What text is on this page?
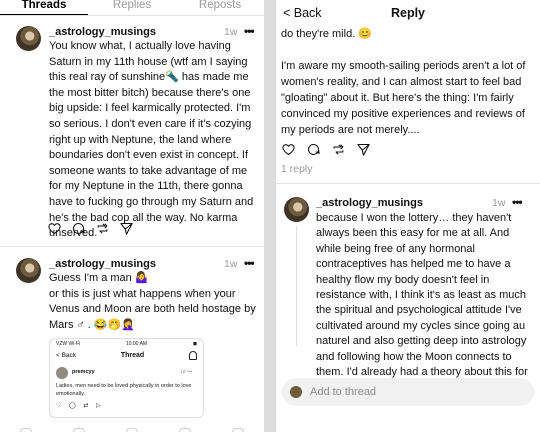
Threads	Replies	Reposts
_astrology_musings	1w •••
You know what, I actually love having Saturn in my 11th house (wtf am I saying this real ray of sunshine🔦 has made me the most bitter bitch) because there's one big upside: I feel karmically protected. I'm so serious. I don't even care if it's cozying right up with Neptune, the land where boundaries don't even exist in concept. If someone wants to take advantage of me for my Neptune in the 11th, there gonna have to fucking go through my Saturn and he's the bad cop all the way. No karma unserved.
_astrology_musings	1w •••
Guess I'm a man 🤷‍♀️
or this is just what happens when your Venus and Moon are both held hostage by Mars ♂ . 😂🤭🤦‍♀️
VZW Wi-Fi	10:00 AM	◼
< Back	Thread
premcyy	1d •••
Ladies, men need to be loved physically in order to love emotionally.
♡ ◯ ⇄ ▷
Reply
< Back
do they're mild. 😊
I'm aware my smooth-sailing periods aren't a lot of women's reality, and I can almost start to feel bad "gloating" about it. But here's the thing: I'm fairly convinced my positive experiences and reviews of my periods are not merely....
1 reply
_astrology_musings	1w •••
because I won the lottery… they haven't always been this easy for me at all. And while being free of any hormonal contraceptives has helped me to have a healthy flow my body doesn't feel in resistance with, I think it's as least as much the spiritual and psychological attitude I've cultivated around my cycles since going au naturel and also getting deep into astrology and following how the Moon connects to them. I'd already had a theory about this for
Add to thread
